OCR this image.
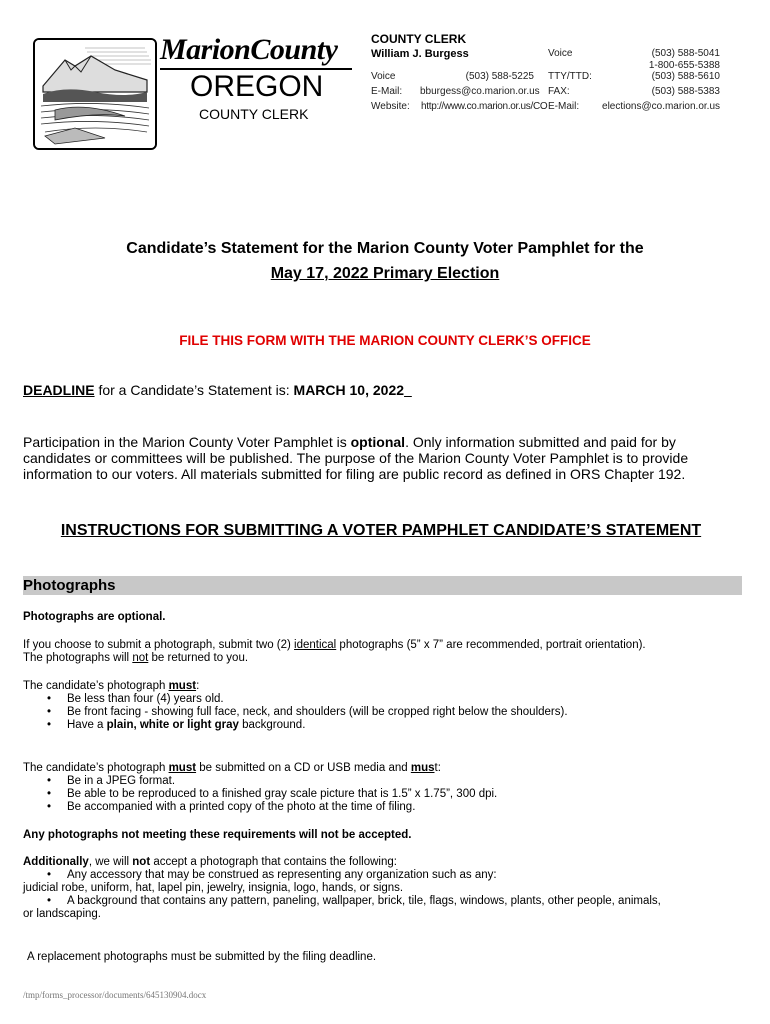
MarionCounty
OREGON
COUNTY CLERK
COUNTY CLERK
William J. Burgess
Voice	(503) 588-5225
E-Mail: bburgess@co.marion.or.us
Website: http://www.co.marion.or.us/CO
Voice	(503) 588-5041
1-800-655-5388
TTY/TTD:	(503) 588-5610
FAX:	(503) 588-5383
E-Mail:	elections@co.marion.or.us
Candidate’s Statement for the Marion County Voter Pamphlet for the
May 17, 2022 Primary Election
FILE THIS FORM WITH THE MARION COUNTY CLERK’S OFFICE
DEADLINE for a Candidate’s Statement is: MARCH 10, 2022
Participation in the Marion County Voter Pamphlet is optional. Only information submitted and paid for by candidates or committees will be published. The purpose of the Marion County Voter Pamphlet is to provide information to our voters. All materials submitted for filing are public record as defined in ORS Chapter 192.
INSTRUCTIONS FOR SUBMITTING A VOTER PAMPHLET CANDIDATE’S STATEMENT
Photographs
Photographs are optional.
If you choose to submit a photograph, submit two (2) identical photographs (5” x 7” are recommended, portrait orientation).
The photographs will not be returned to you.
The candidate’s photograph must:
• Be less than four (4) years old.
• Be front facing - showing full face, neck, and shoulders (will be cropped right below the shoulders).
• Have a plain, white or light gray background.
The candidate’s photograph must be submitted on a CD or USB media and must:
• Be in a JPEG format.
• Be able to be reproduced to a finished gray scale picture that is 1.5” x 1.75”, 300 dpi.
• Be accompanied with a printed copy of the photo at the time of filing.
Any photographs not meeting these requirements will not be accepted.
Additionally, we will not accept a photograph that contains the following:
• Any accessory that may be construed as representing any organization such as any:
judicial robe, uniform, hat, lapel pin, jewelry, insignia, logo, hands, or signs.
• A background that contains any pattern, paneling, wallpaper, brick, tile, flags, windows, plants, other people, animals,
or landscaping.
A replacement photographs must be submitted by the filing deadline.
/tmp/forms_processor/documents/645130904.docx
